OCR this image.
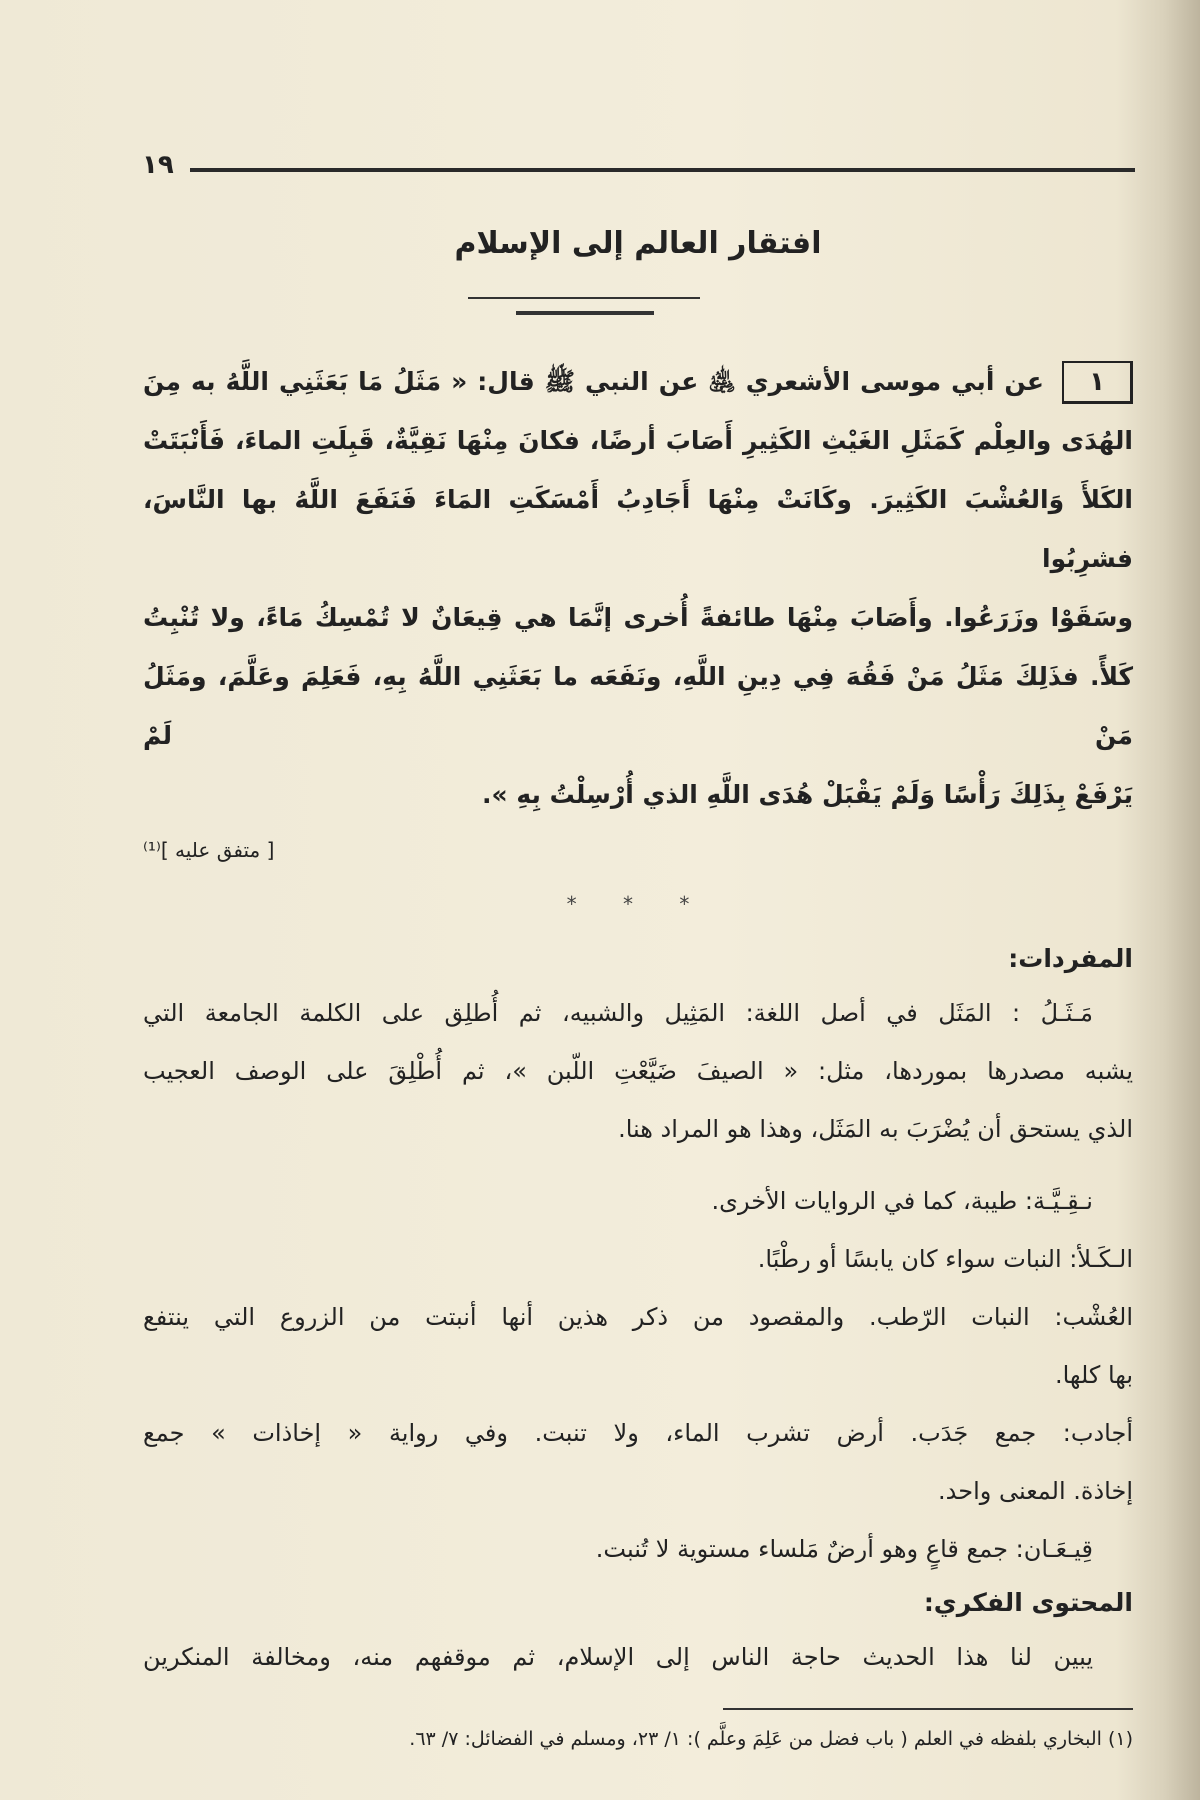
١٩
افتقار العالم إلى الإسلام
١
عن أبي موسى الأشعري ﵁ عن النبي ﷺ قال: « مَثَلُ مَا بَعَثَنِي اللَّهُ به مِنَ
الهُدَى والعِلْم كَمَثَلِ الغَيْثِ الكَثِيرِ أَصَابَ أرضًا، فكانَ مِنْهَا نَقِيَّةٌ، قَبِلَتِ الماءَ، فَأَنْبَتَتْ
الكَلأَ وَالعُشْبَ الكَثِيرَ. وكَانَتْ مِنْهَا أَجَادِبُ أَمْسَكَتِ المَاءَ فَنَفَعَ اللَّهُ بها النَّاسَ، فشرِبُوا
وسَقَوْا وزَرَعُوا. وأَصَابَ مِنْهَا طائفةً أُخرى إنَّمَا هي قِيعَانٌ لا تُمْسِكُ مَاءً، ولا تُنْبِتُ
كَلأً. فذَلِكَ مَثَلُ مَنْ فَقُهَ فِي دِينِ اللَّهِ، ونَفَعَه ما بَعَثَنِي اللَّهُ بِهِ، فَعَلِمَ وعَلَّمَ، ومَثَلُ مَنْ لَمْ
يَرْفَعْ بِذَلِكَ رَأْسًا وَلَمْ يَقْبَلْ هُدَى اللَّهِ الذي أُرْسِلْتُ بِهِ ».
[ متفق عليه ]⁽¹⁾
* * *
المفردات:
مَـثَـلُ : المَثَل في أصل اللغة: المَثِيل والشبيه، ثم أُطلِق على الكلمة الجامعة التي
يشبه مصدرها بموردها، مثل: « الصيفَ ضَيَّعْتِ اللّبن »، ثم أُطْلِقَ على الوصف العجيب
الذي يستحق أن يُضْرَبَ به المَثَل، وهذا هو المراد هنا.
نـقِـيَّـة: طيبة، كما في الروايات الأخرى.
الـكَـلأ: النبات سواء كان يابسًا أو رطْبًا.
العُشْب: النبات الرّطب. والمقصود من ذكر هذين أنها أنبتت من الزروع التي ينتفع
بها كلها.
أجادب: جمع جَدَب. أرض تشرب الماء، ولا تنبت. وفي رواية « إخاذات » جمع
إخاذة. المعنى واحد.
قِيـعَـان: جمع قاعٍ وهو أرضٌ مَلساء مستوية لا تُنبت.
المحتوى الفكري:
يبين لنا هذا الحديث حاجة الناس إلى الإسلام، ثم موقفهم منه، ومخالفة المنكرين
(١) البخاري بلفظه في العلم ( باب فضل من عَلِمَ وعلَّم ): ١/ ٢٣، ومسلم في الفضائل: ٧/ ٦٣.
